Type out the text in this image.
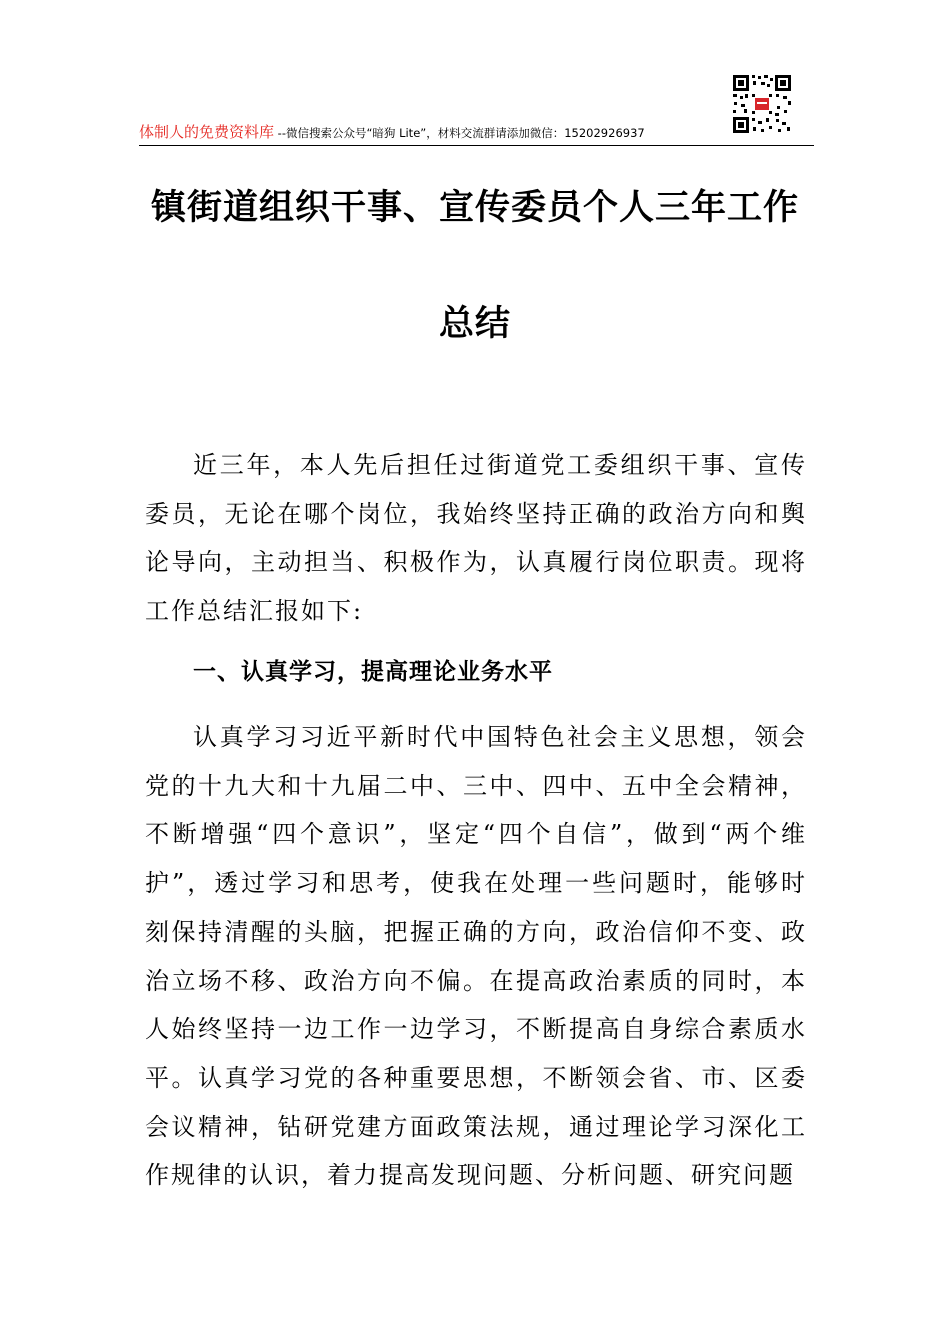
体制人的免费资料库 --微信搜索公众号“暗狗 Lite”，材料交流群请添加微信：15202926937
镇街道组织干事、宣传委员个人三年工作
总结

近三年，本人先后担任过街道党工委组织干事、宣传委员，无论在哪个岗位，我始终坚持正确的政治方向和舆论导向，主动担当、积极作为，认真履行岗位职责。现将工作总结汇报如下:

一、认真学习，提高理论业务水平

认真学习习近平新时代中国特色社会主义思想，领会党的十九大和十九届二中、三中、四中、五中全会精神，不断增强“四个意识”，坚定“四个自信”，做到“两个维护”，透过学习和思考，使我在处理一些问题时，能够时刻保持清醒的头脑，把握正确的方向，政治信仰不变、政治立场不移、政治方向不偏。在提高政治素质的同时，本人始终坚持一边工作一边学习，不断提高自身综合素质水平。认真学习党的各种重要思想，不断领会省、市、区委会议精神，钻研党建方面政策法规，通过理论学习深化工作规律的认识，着力提高发现问题、分析问题、研究问题
